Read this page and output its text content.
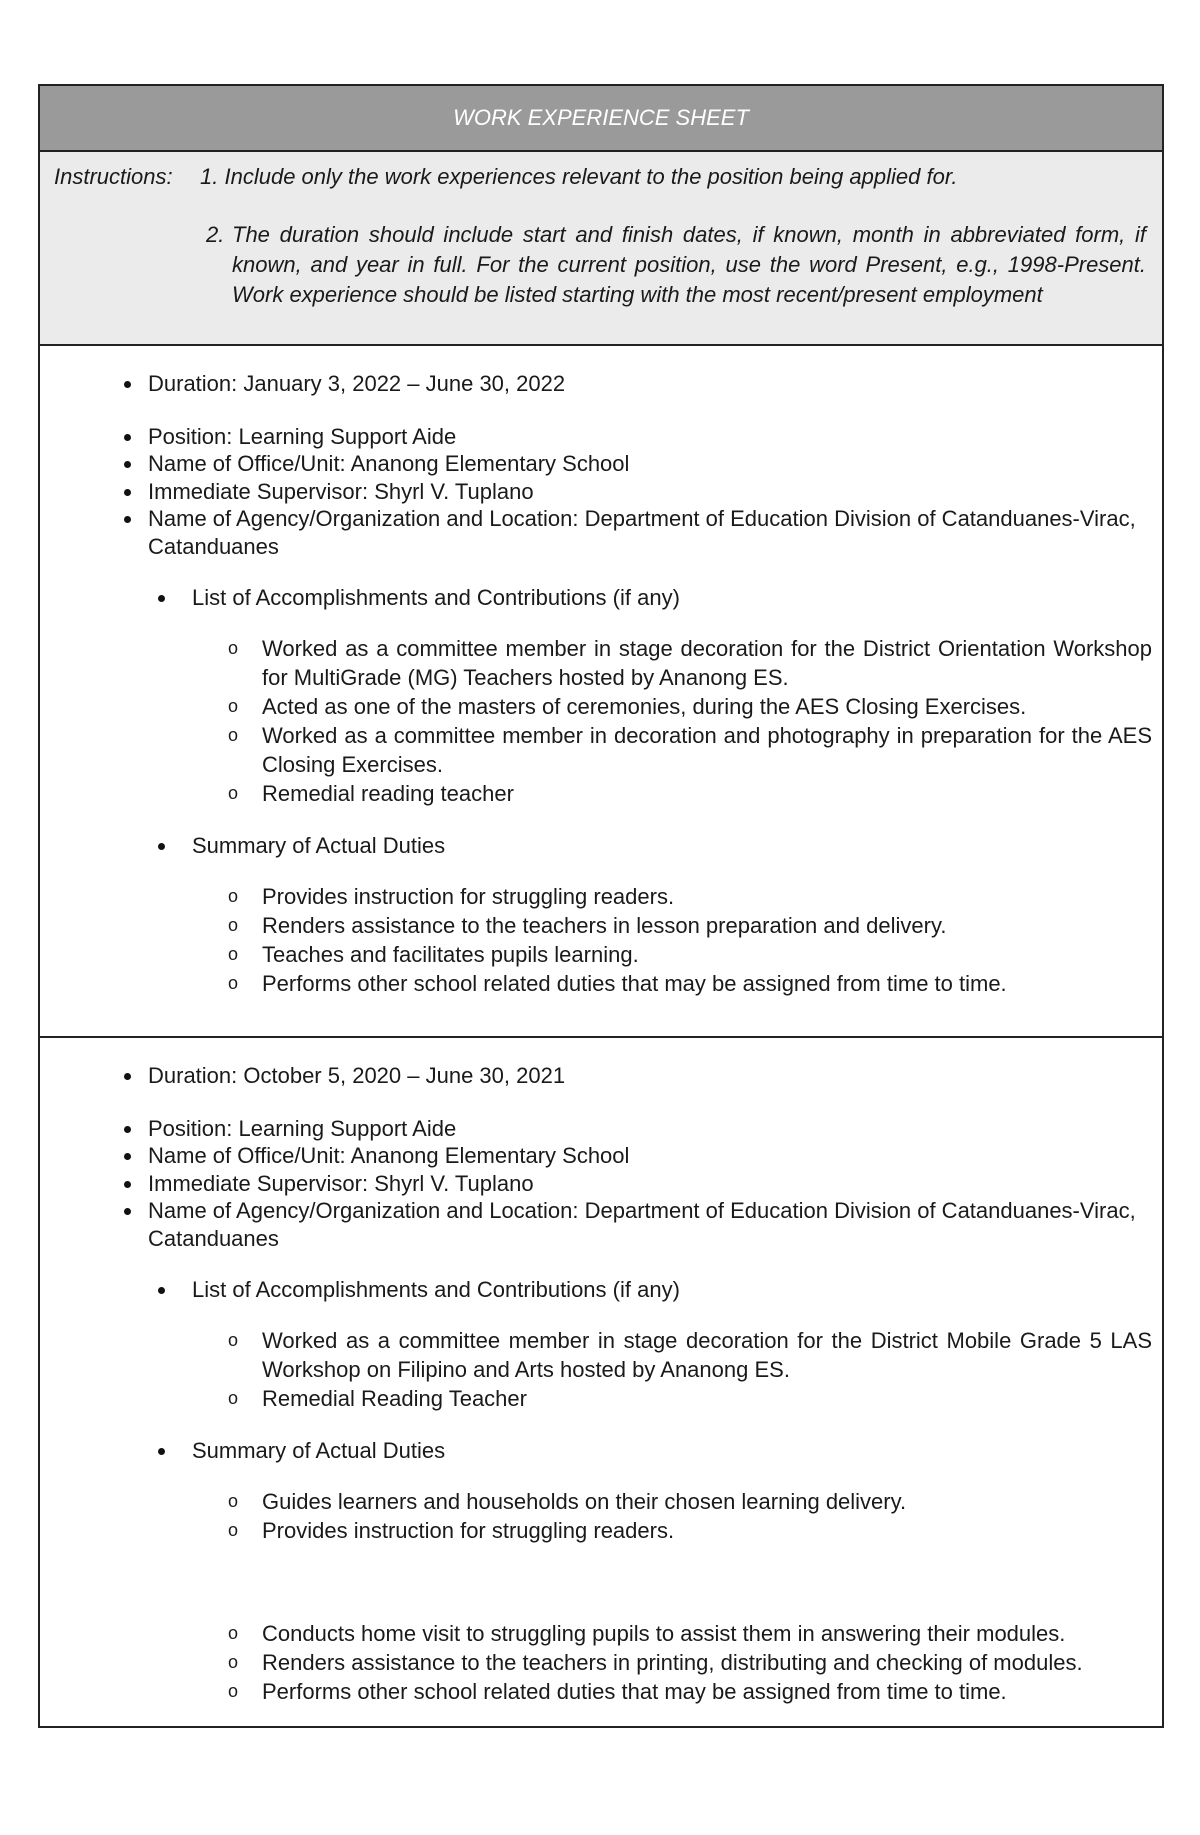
WORK EXPERIENCE SHEET
Instructions: 1. Include only the work experiences relevant to the position being applied for.
2. The duration should include start and finish dates, if known, month in abbreviated form, if known, and year in full. For the current position, use the word Present, e.g., 1998-Present. Work experience should be listed starting with the most recent/present employment
Duration: January 3, 2022 – June 30, 2022
Position: Learning Support Aide
Name of Office/Unit: Ananong Elementary School
Immediate Supervisor: Shyrl V. Tuplano
Name of Agency/Organization and Location: Department of Education Division of Catanduanes-Virac, Catanduanes
List of Accomplishments and Contributions (if any)
o Worked as a committee member in stage decoration for the District Orientation Workshop for MultiGrade (MG) Teachers hosted by Ananong ES.
o Acted as one of the masters of ceremonies, during the AES Closing Exercises.
o Worked as a committee member in decoration and photography in preparation for the AES Closing Exercises.
o Remedial reading teacher
Summary of Actual Duties
o Provides instruction for struggling readers.
o Renders assistance to the teachers in lesson preparation and delivery.
o Teaches and facilitates pupils learning.
o Performs other school related duties that may be assigned from time to time.
Duration: October 5, 2020 – June 30, 2021
Position: Learning Support Aide
Name of Office/Unit: Ananong Elementary School
Immediate Supervisor: Shyrl V. Tuplano
Name of Agency/Organization and Location: Department of Education Division of Catanduanes-Virac, Catanduanes
List of Accomplishments and Contributions (if any)
o Worked as a committee member in stage decoration for the District Mobile Grade 5 LAS Workshop on Filipino and Arts hosted by Ananong ES.
o Remedial Reading Teacher
Summary of Actual Duties
o Guides learners and households on their chosen learning delivery.
o Provides instruction for struggling readers.
o Conducts home visit to struggling pupils to assist them in answering their modules.
o Renders assistance to the teachers in printing, distributing and checking of modules.
o Performs other school related duties that may be assigned from time to time.
